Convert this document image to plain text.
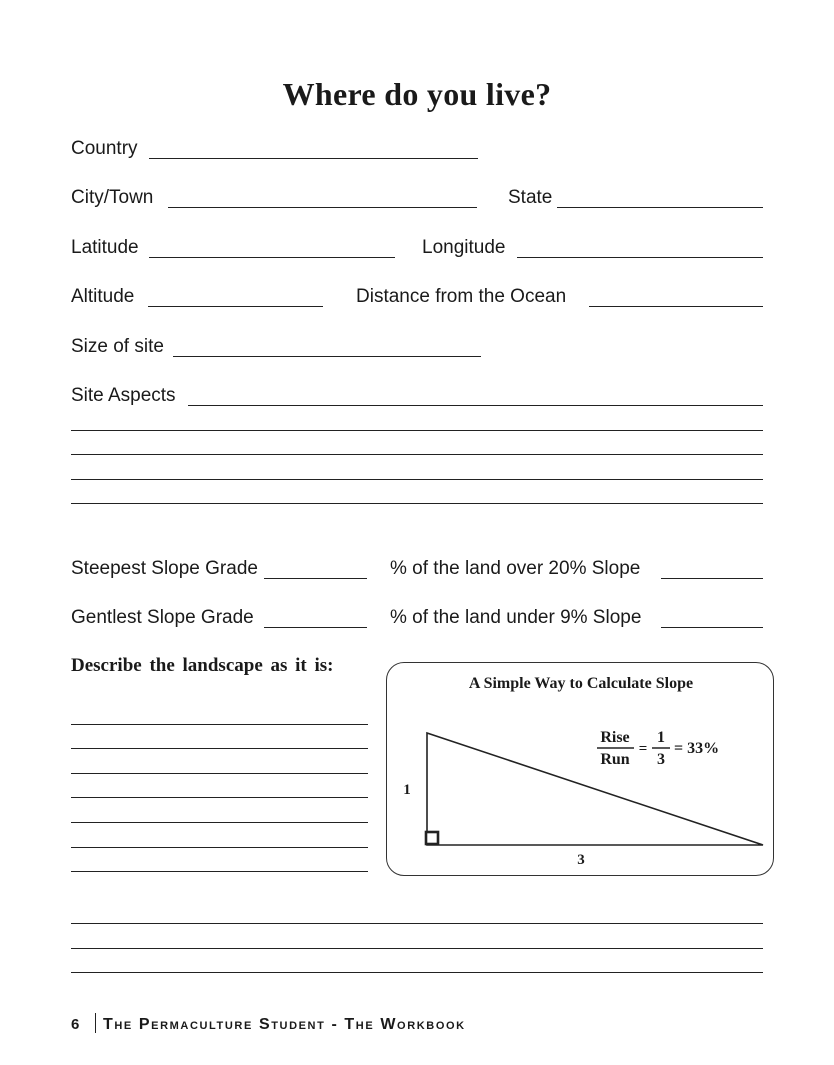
Where do you live?
Country
City/Town	State
Latitude	Longitude
Altitude	Distance from the Ocean
Size of site
Site Aspects
Steepest Slope Grade	% of the land over 20% Slope
Gentlest Slope Grade	% of the land under 9% Slope
Describe the landscape as it is:
A Simple Way to Calculate Slope
1
3
Rise
Run
=
1
3
= 33%
6 The Permaculture Student - The Workbook
